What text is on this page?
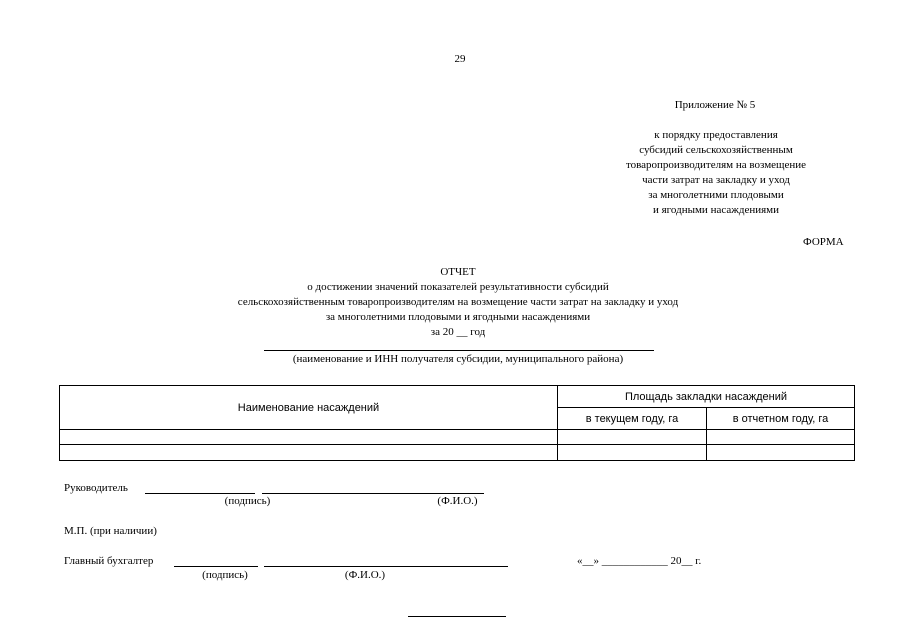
29
Приложение № 5
к порядку предоставления
субсидий сельскохозяйственным
товаропроизводителям на возмещение
части затрат на закладку и уход
за многолетними плодовыми
и ягодными насаждениями
ФОРМА
ОТЧЕТ
о достижении значений показателей результативности субсидий
сельскохозяйственным товаропроизводителям на возмещение части затрат на закладку и уход
за многолетними плодовыми и ягодными насаждениями
за 20 __ год
(наименование и ИНН получателя субсидии, муниципального района)
Наименование насаждений	Площадь закладки насаждений	
	в текущем году, га	в отчетном году, га

Руководитель
(подпись)	(Ф.И.О.)
М.П. (при наличии)
Главный бухгалтер
(подпись)	(Ф.И.О.)
«__» ____________ 20__ г.
